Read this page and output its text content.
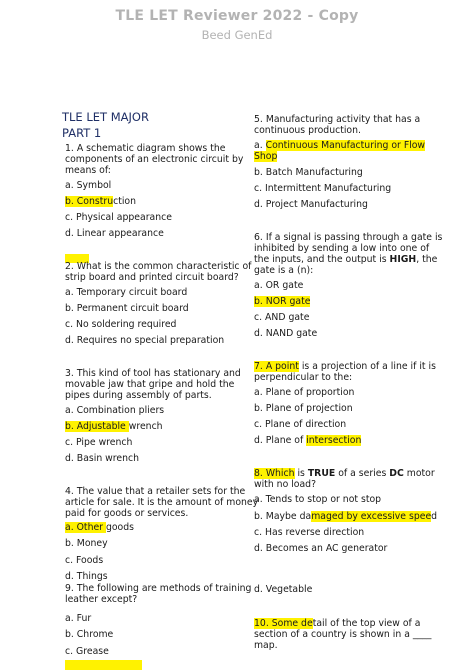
TLE LET Reviewer 2022 - Copy
Beed GenEd
TLE LET MAJOR
PART 1
1. A schematic diagram shows the
components of an electronic circuit by
means of:
a. Symbol
b. Construction
c. Physical appearance
d. Linear appearance
2. What is the common characteristic of
strip board and printed circuit board?
a. Temporary circuit board
b. Permanent circuit board
c. No soldering required
d. Requires no special preparation
3. This kind of tool has stationary and
movable jaw that gripe and hold the
pipes during assembly of parts.
a. Combination pliers
b. Adjustable wrench
c. Pipe wrench
d. Basin wrench
4. The value that a retailer sets for the
article for sale. It is the amount of money
paid for goods or services.
a. Other goods
b. Money
c. Foods
d. Things
9. The following are methods of training
leather except?
a. Fur
b. Chrome
c. Grease
5. Manufacturing activity that has a
continuous production.
a. Continuous Manufacturing or Flow
Shop
b. Batch Manufacturing
c. Intermittent Manufacturing
d. Project Manufacturing
6. If a signal is passing through a gate is
inhibited by sending a low into one of
the inputs, and the output is HIGH, the
gate is a (n):
a. OR gate
b. NOR gate
c. AND gate
d. NAND gate
7. A point is a projection of a line if it is
perpendicular to the:
a. Plane of proportion
b. Plane of projection
c. Plane of direction
d. Plane of intersection
8. Which is TRUE of a series DC motor
with no load?
a. Tends to stop or not stop
b. Maybe damaged by excessive speed
c. Has reverse direction
d. Becomes an AC generator
d. Vegetable
10. Some detail of the top view of a
section of a country is shown in a ____
map.
